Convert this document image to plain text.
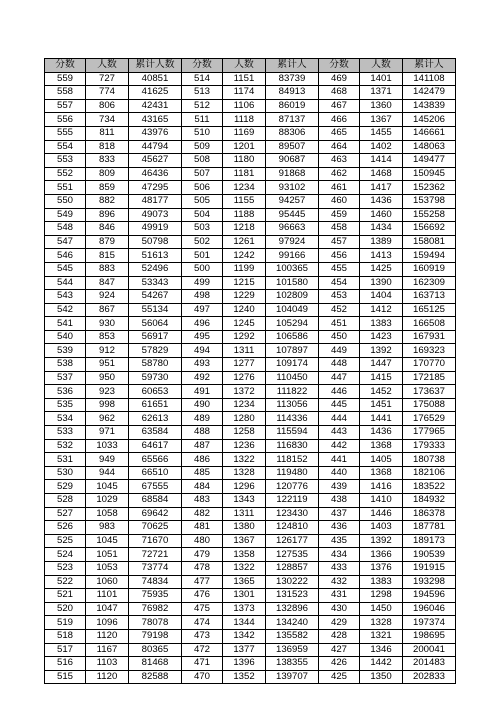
分数	人数	累计人数	分数	人数	累计人	分数	人数	累计人
559	727	40851	514	1151	83739	469	1401	141108
558	774	41625	513	1174	84913	468	1371	142479
557	806	42431	512	1106	86019	467	1360	143839
556	734	43165	511	1118	87137	466	1367	145206
555	811	43976	510	1169	88306	465	1455	146661
554	818	44794	509	1201	89507	464	1402	148063
553	833	45627	508	1180	90687	463	1414	149477
552	809	46436	507	1181	91868	462	1468	150945
551	859	47295	506	1234	93102	461	1417	152362
550	882	48177	505	1155	94257	460	1436	153798
549	896	49073	504	1188	95445	459	1460	155258
548	846	49919	503	1218	96663	458	1434	156692
547	879	50798	502	1261	97924	457	1389	158081
546	815	51613	501	1242	99166	456	1413	159494
545	883	52496	500	1199	100365	455	1425	160919
544	847	53343	499	1215	101580	454	1390	162309
543	924	54267	498	1229	102809	453	1404	163713
542	867	55134	497	1240	104049	452	1412	165125
541	930	56064	496	1245	105294	451	1383	166508
540	853	56917	495	1292	106586	450	1423	167931
539	912	57829	494	1311	107897	449	1392	169323
538	951	58780	493	1277	109174	448	1447	170770
537	950	59730	492	1276	110450	447	1415	172185
536	923	60653	491	1372	111822	446	1452	173637
535	998	61651	490	1234	113056	445	1451	175088
534	962	62613	489	1280	114336	444	1441	176529
533	971	63584	488	1258	115594	443	1436	177965
532	1033	64617	487	1236	116830	442	1368	179333
531	949	65566	486	1322	118152	441	1405	180738
530	944	66510	485	1328	119480	440	1368	182106
529	1045	67555	484	1296	120776	439	1416	183522
528	1029	68584	483	1343	122119	438	1410	184932
527	1058	69642	482	1311	123430	437	1446	186378
526	983	70625	481	1380	124810	436	1403	187781
525	1045	71670	480	1367	126177	435	1392	189173
524	1051	72721	479	1358	127535	434	1366	190539
523	1053	73774	478	1322	128857	433	1376	191915
522	1060	74834	477	1365	130222	432	1383	193298
521	1101	75935	476	1301	131523	431	1298	194596
520	1047	76982	475	1373	132896	430	1450	196046
519	1096	78078	474	1344	134240	429	1328	197374
518	1120	79198	473	1342	135582	428	1321	198695
517	1167	80365	472	1377	136959	427	1346	200041
516	1103	81468	471	1396	138355	426	1442	201483
515	1120	82588	470	1352	139707	425	1350	202833
